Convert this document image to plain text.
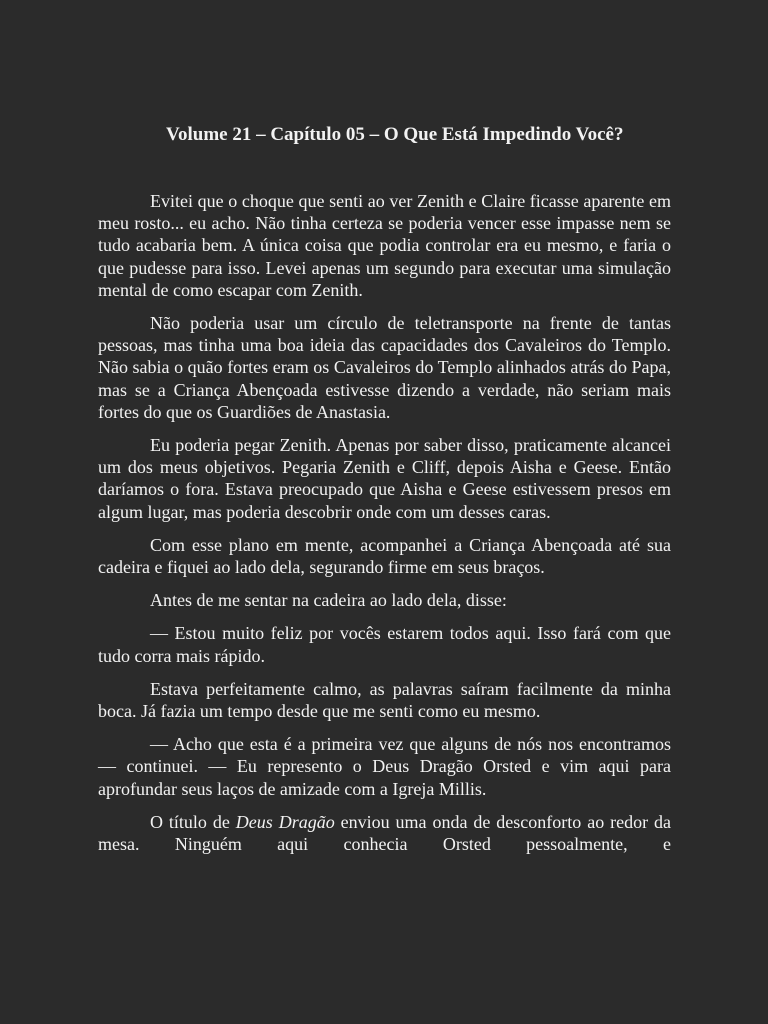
Volume 21 – Capítulo 05 – O Que Está Impedindo Você?

Evitei que o choque que senti ao ver Zenith e Claire ficasse aparente em meu rosto... eu acho. Não tinha certeza se poderia vencer esse impasse nem se tudo acabaria bem. A única coisa que podia controlar era eu mesmo, e faria o que pudesse para isso. Levei apenas um segundo para executar uma simulação mental de como escapar com Zenith.

Não poderia usar um círculo de teletransporte na frente de tantas pessoas, mas tinha uma boa ideia das capacidades dos Cavaleiros do Templo. Não sabia o quão fortes eram os Cavaleiros do Templo alinhados atrás do Papa, mas se a Criança Abençoada estivesse dizendo a verdade, não seriam mais fortes do que os Guardiões de Anastasia.

Eu poderia pegar Zenith. Apenas por saber disso, praticamente alcancei um dos meus objetivos. Pegaria Zenith e Cliff, depois Aisha e Geese. Então daríamos o fora. Estava preocupado que Aisha e Geese estivessem presos em algum lugar, mas poderia descobrir onde com um desses caras.

Com esse plano em mente, acompanhei a Criança Abençoada até sua cadeira e fiquei ao lado dela, segurando firme em seus braços.

Antes de me sentar na cadeira ao lado dela, disse:

— Estou muito feliz por vocês estarem todos aqui. Isso fará com que tudo corra mais rápido.

Estava perfeitamente calmo, as palavras saíram facilmente da minha boca. Já fazia um tempo desde que me senti como eu mesmo.

— Acho que esta é a primeira vez que alguns de nós nos encontramos — continuei. — Eu represento o Deus Dragão Orsted e vim aqui para aprofundar seus laços de amizade com a Igreja Millis.

O título de Deus Dragão enviou uma onda de desconforto ao redor da mesa. Ninguém aqui conhecia Orsted pessoalmente, e
